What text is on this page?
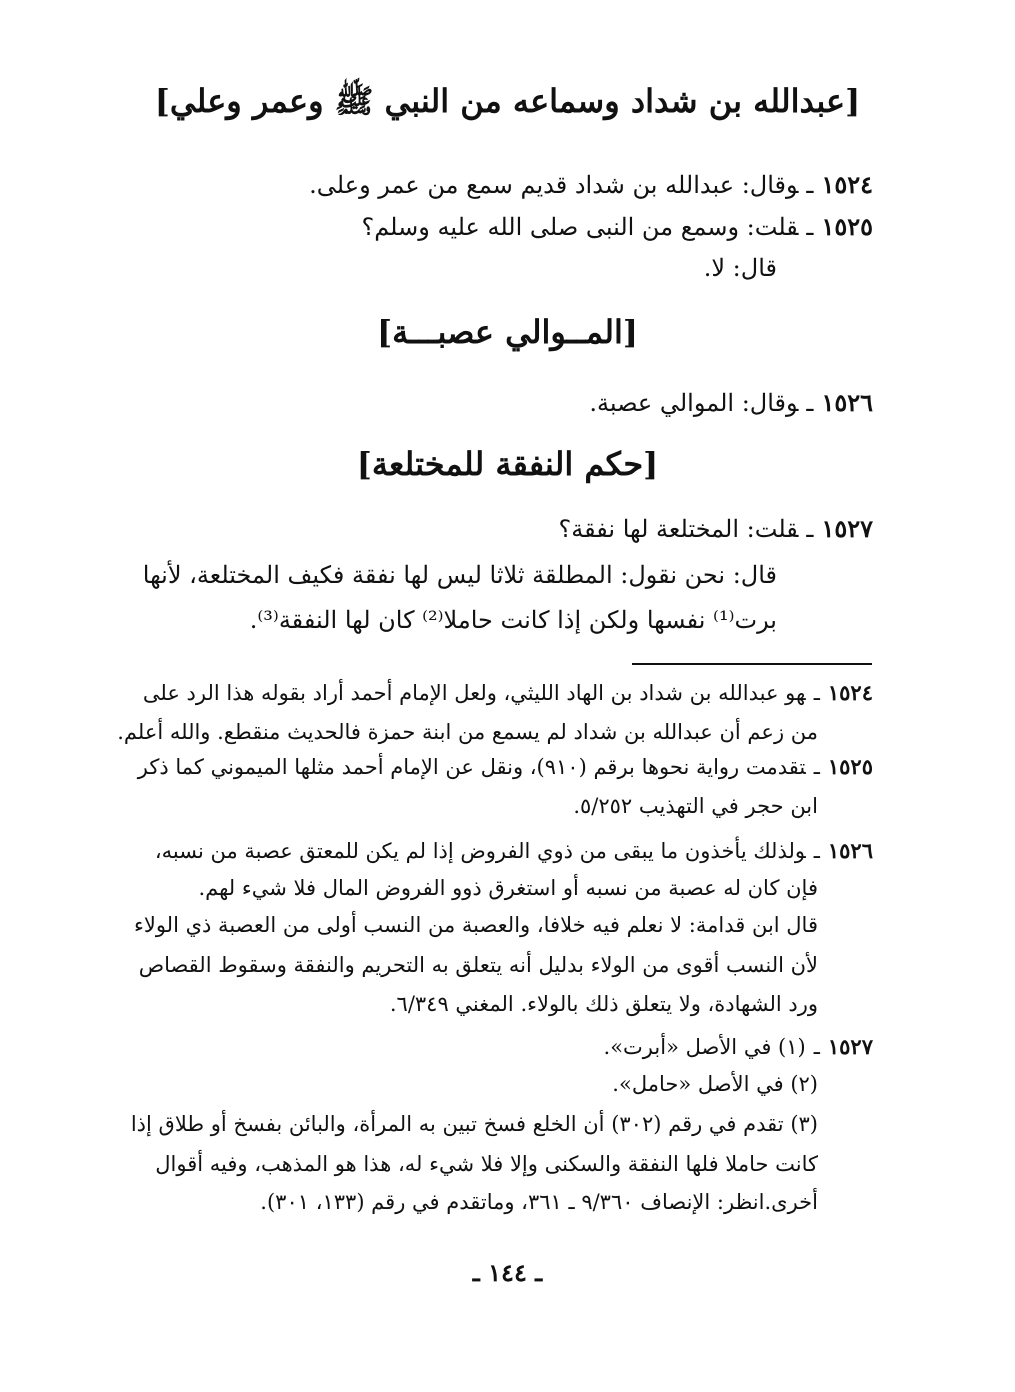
[عبدالله بن شداد وسماعه من النبي ﷺ وعمر وعلي]
١٥٢٤ـوقال: عبدالله بن شداد قديم سمع من عمر وعلى.
١٥٢٥ـقلت: وسمع من النبى صلى الله عليه وسلم؟
قال: لا.
[المــوالي عصبـــة]
١٥٢٦ـوقال: الموالي عصبة.
[حكم النفقة للمختلعة]
١٥٢٧ـقلت: المختلعة لها نفقة؟
قال: نحن نقول: المطلقة ثلاثا ليس لها نفقة فكيف المختلعة، لأنها
برت⁽¹⁾ نفسها ولكن إذا كانت حاملا⁽²⁾ كان لها النفقة⁽³⁾.
١٥٢٤ـهو عبدالله بن شداد بن الهاد الليثي، ولعل الإمام أحمد أراد بقوله هذا الرد على
من زعم أن عبدالله بن شداد لم يسمع من ابنة حمزة فالحديث منقطع. والله أعلم.
١٥٢٥ـتقدمت رواية نحوها برقم (٩١٠)، ونقل عن الإمام أحمد مثلها الميموني كما ذكر
ابن حجر في التهذيب ٥/٢٥٢.
١٥٢٦ـولذلك يأخذون ما يبقى من ذوي الفروض إذا لم يكن للمعتق عصبة من نسبه،
فإن كان له عصبة من نسبه أو استغرق ذوو الفروض المال فلا شيء لهم.
قال ابن قدامة: لا نعلم فيه خلافا، والعصبة من النسب أولى من العصبة ذي الولاء
لأن النسب أقوى من الولاء بدليل أنه يتعلق به التحريم والنفقة وسقوط القصاص
ورد الشهادة، ولا يتعلق ذلك بالولاء. المغني ٦/٣٤٩.
١٥٢٧ـ(١) في الأصل «أبرت».
(٢) في الأصل «حامل».
(٣) تقدم في رقم (٣٠٢) أن الخلع فسخ تبين به المرأة، والبائن بفسخ أو طلاق إذا
كانت حاملا فلها النفقة والسكنى وإلا فلا شيء له، هذا هو المذهب، وفيه أقوال
أخرى.انظر: الإنصاف ٩/٣٦٠ ـ ٣٦١، وماتقدم في رقم (١٣٣، ٣٠١).
ـ ١٤٤ ـ
